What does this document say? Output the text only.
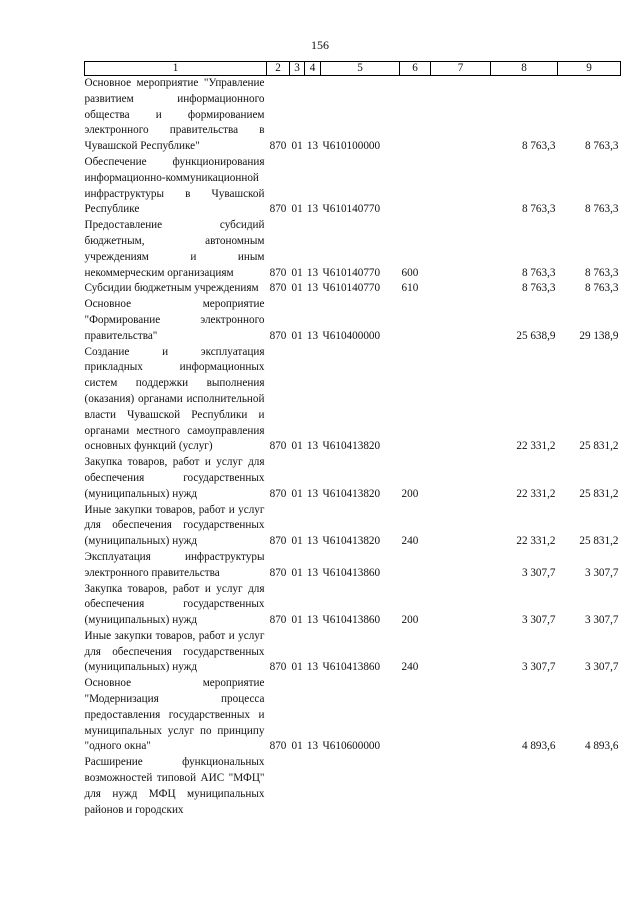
156
1	2	3	4	5	6	7	8	9
Основное мероприятие "Управление развитием информационного общества и формированием электронного правительства в Чувашской Республике"	870	01	13	Ч610100000			8 763,3	8 763,3
Обеспечение функционирования информационно-коммуникационной инфраструктуры в Чувашской Республике	870	01	13	Ч610140770			8 763,3	8 763,3
Предоставление субсидий бюджетным, автономным учреждениям и иным некоммерческим организациям	870	01	13	Ч610140770	600		8 763,3	8 763,3
Субсидии бюджетным учреждениям	870	01	13	Ч610140770	610		8 763,3	8 763,3
Основное мероприятие "Формирование электронного правительства"	870	01	13	Ч610400000			25 638,9	29 138,9
Создание и эксплуатация прикладных информационных систем поддержки выполнения (оказания) органами исполнительной власти Чувашской Республики и органами местного самоуправления основных функций (услуг)	870	01	13	Ч610413820			22 331,2	25 831,2
Закупка товаров, работ и услуг для обеспечения государственных (муниципальных) нужд	870	01	13	Ч610413820	200		22 331,2	25 831,2
Иные закупки товаров, работ и услуг для обеспечения государственных (муниципальных) нужд	870	01	13	Ч610413820	240		22 331,2	25 831,2
Эксплуатация инфраструктуры электронного правительства	870	01	13	Ч610413860			3 307,7	3 307,7
Закупка товаров, работ и услуг для обеспечения государственных (муниципальных) нужд	870	01	13	Ч610413860	200		3 307,7	3 307,7
Иные закупки товаров, работ и услуг для обеспечения государственных (муниципальных) нужд	870	01	13	Ч610413860	240		3 307,7	3 307,7
Основное мероприятие "Модернизация процесса предоставления государственных и муниципальных услуг по принципу "одного окна"	870	01	13	Ч610600000			4 893,6	4 893,6
Расширение функциональных возможностей типовой АИС "МФЦ" для нужд МФЦ муниципальных районов и городских								
